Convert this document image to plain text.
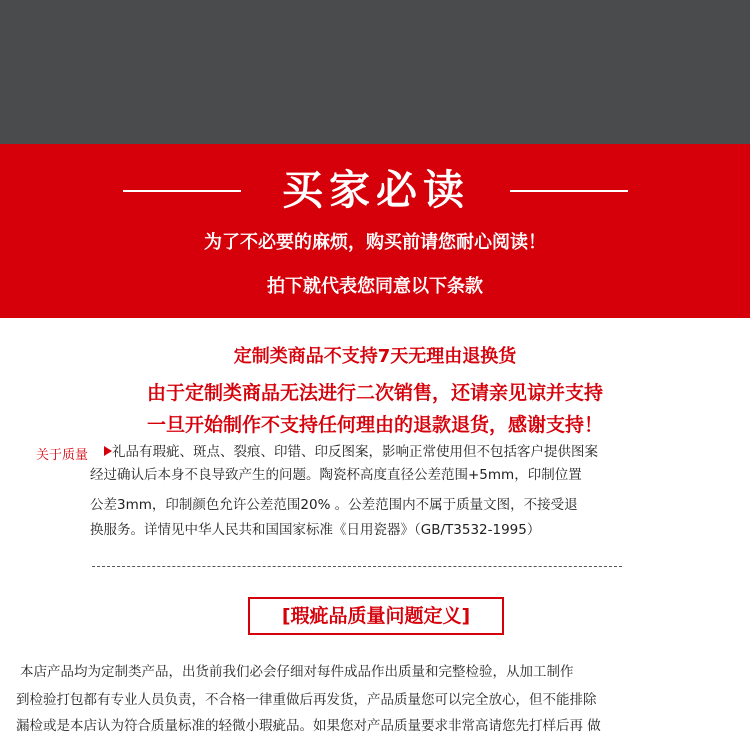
买家必读
为了不必要的麻烦，购买前请您耐心阅读！
拍下就代表您同意以下条款
定制类商品不支持7天无理由退换货
由于定制类商品无法进行二次销售，还请亲见谅并支持
一旦开始制作不支持任何理由的退款退货，感谢支持！
关于质量 礼品有瑕疵、斑点、裂痕、印错、印反图案，影响正常使用但不包括客户提供图案
经过确认后本身不良导致产生的问题。陶瓷杯高度直径公差范围+5mm，印制位置
公差3mm，印制颜色允许公差范围20% 。公差范围内不属于质量文图，不接受退
换服务。详情见中华人民共和国国家标准《日用瓷器》（GB/T3532-1995）
[瑕疵品质量问题定义]
本店产品均为定制类产品，出货前我们必会仔细对每件成品作出质量和完整检验，从加工制作
到检验打包都有专业人员负责，不合格一律重做后再发货，产品质量您可以完全放心，但不能排除
漏检或是本店认为符合质量标准的轻微小瑕疵品。如果您对产品质量要求非常高请您先打样后再 做
